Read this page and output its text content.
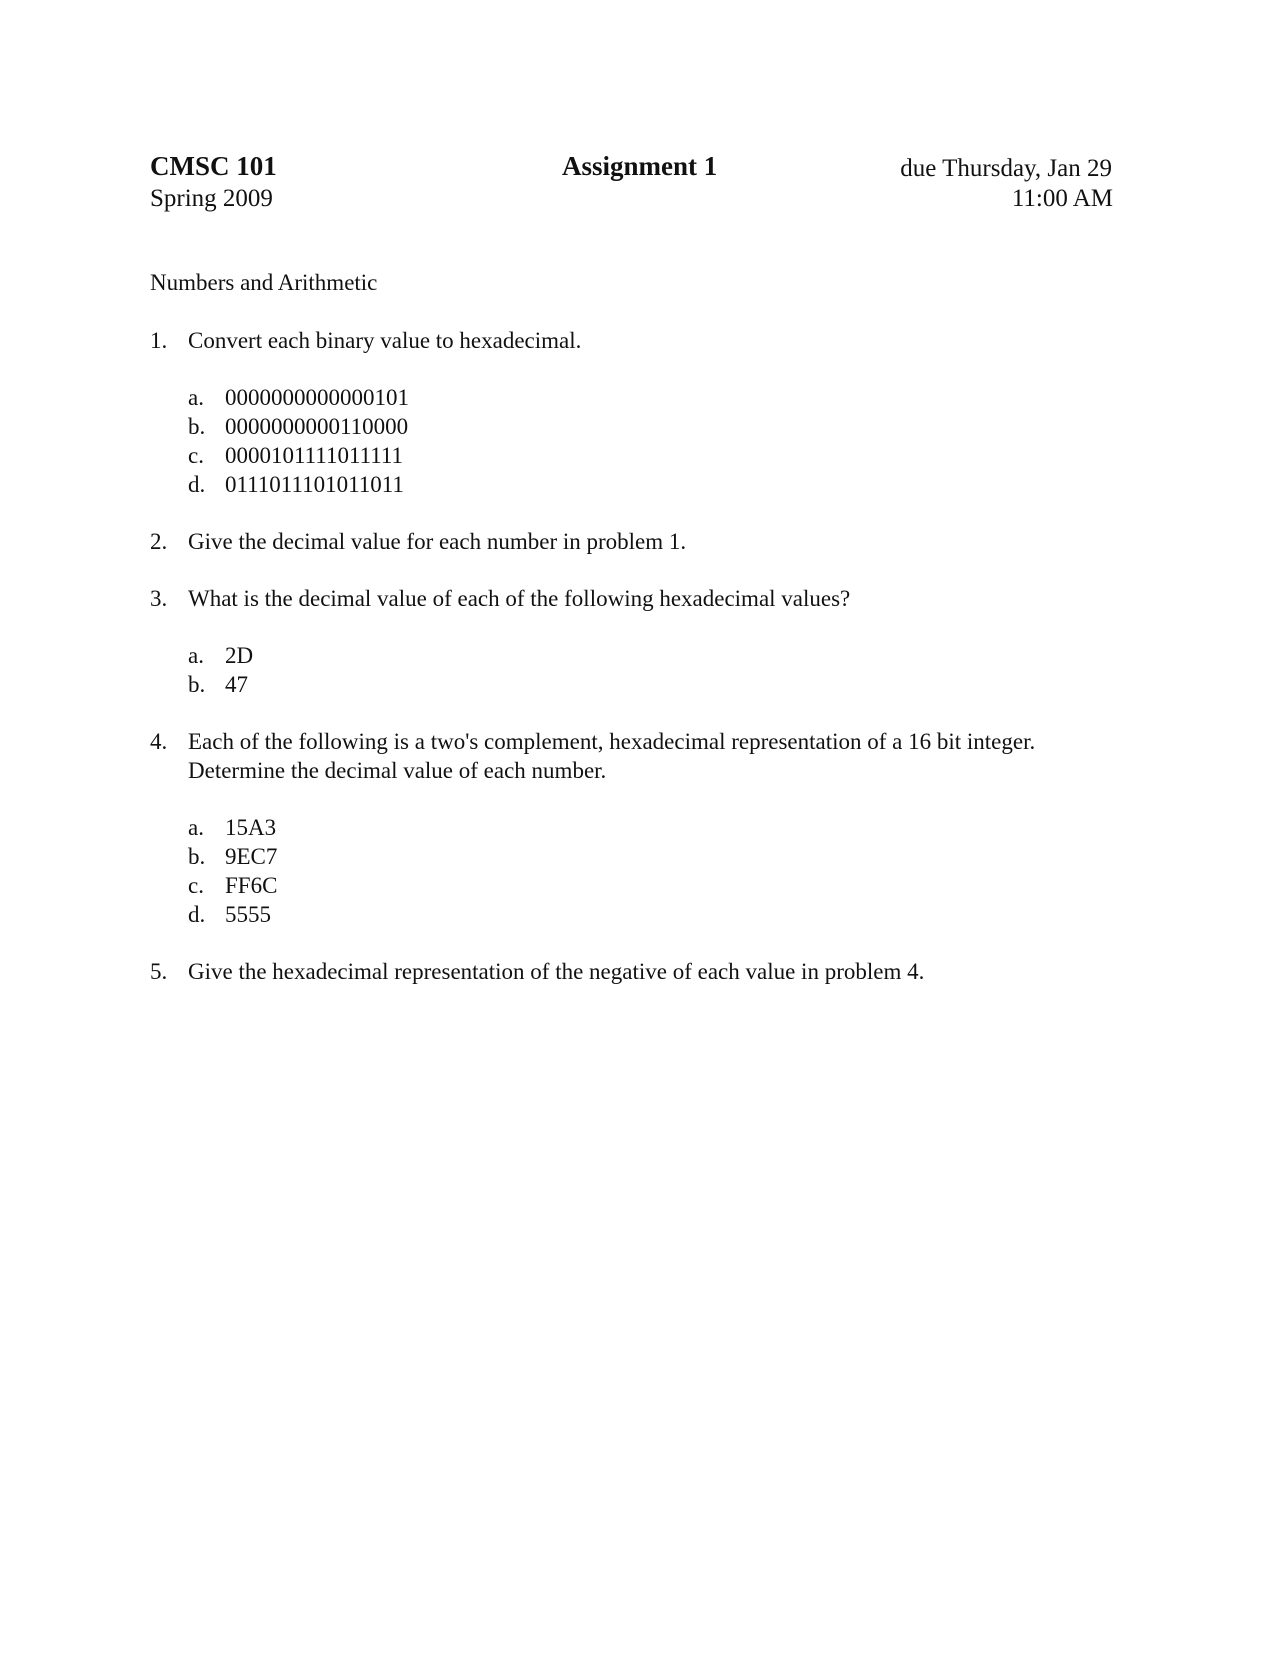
CMSC 101
Spring 2009
Assignment 1	due Thursday, Jan 29
11:00 AM
Numbers and Arithmetic
1. Convert each binary value to hexadecimal.
a. 0000000000000101
b. 0000000000110000
c. 0000101111011111
d. 0111011101011011
2. Give the decimal value for each number in problem 1.
3. What is the decimal value of each of the following hexadecimal values?
a. 2D
b. 47
4. Each of the following is a two's complement, hexadecimal representation of a 16 bit integer. Determine the decimal value of each number.
a. 15A3
b. 9EC7
c. FF6C
d. 5555
5. Give the hexadecimal representation of the negative of each value in problem 4.
